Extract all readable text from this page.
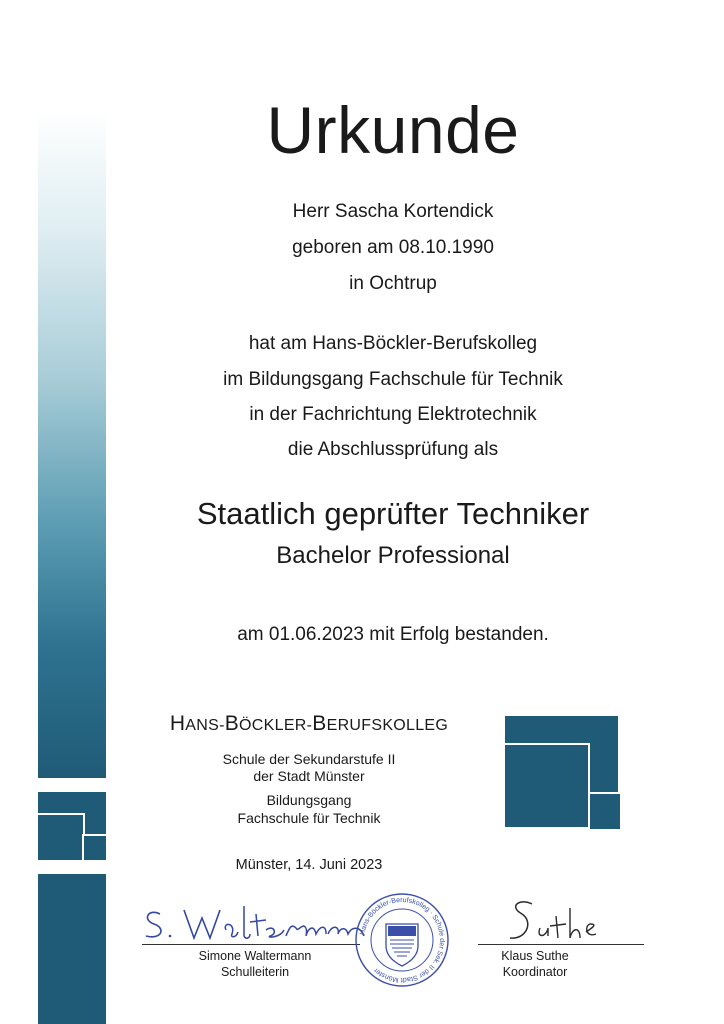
Urkunde
Herr Sascha Kortendick
geboren am 08.10.1990
in Ochtrup
hat am Hans-Böckler-Berufskolleg
im Bildungsgang Fachschule für Technik
in der Fachrichtung Elektrotechnik
die Abschlussprüfung als
Staatlich geprüfter Techniker
Bachelor Professional
am 01.06.2023 mit Erfolg bestanden.
HANS-BÖCKLER-BERUFSKOLLEG
Schule der Sekundarstufe II
der Stadt Münster
Bildungsgang
Fachschule für Technik
Münster, 14. Juni 2023
Simone Waltermann
Schulleiterin
Hans-Böckler-Berufskolleg · Schule der Sek. II der Stadt Münster
Klaus Suthe
Koordinator
